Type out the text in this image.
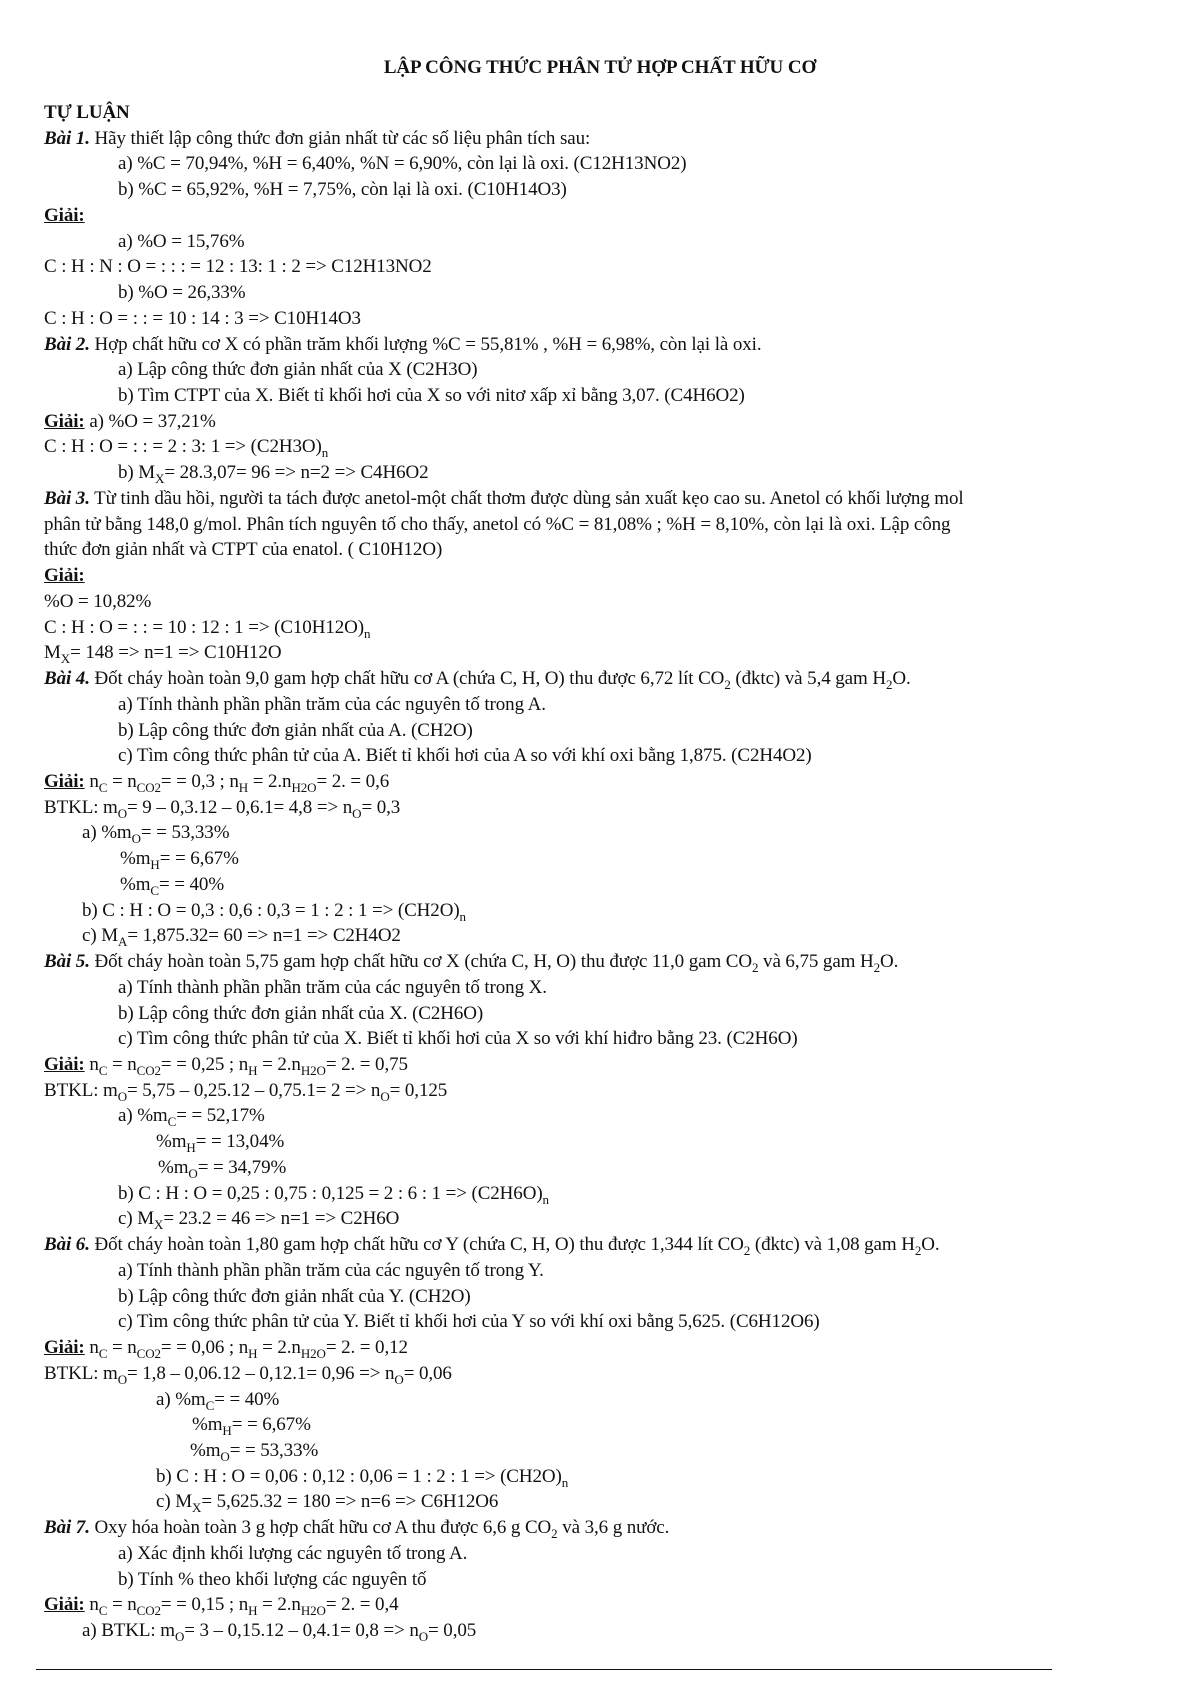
LẬP CÔNG THỨC PHÂN TỬ HỢP CHẤT HỮU CƠ
TỰ LUẬN
Bài 1. Hãy thiết lập công thức đơn giản nhất từ các số liệu phân tích sau:
a) %C = 70,94%, %H = 6,40%, %N = 6,90%, còn lại là oxi. (C12H13NO2)
b) %C = 65,92%, %H = 7,75%, còn lại là oxi. (C10H14O3)
Giải:
a) %O = 15,76%
C : H : N : O = : : : = 12 : 13: 1 : 2 => C12H13NO2
b) %O = 26,33%
C : H : O = : : = 10 : 14 : 3 => C10H14O3
Bài 2. Hợp chất hữu cơ X có phần trăm khối lượng %C = 55,81% , %H = 6,98%, còn lại là oxi.
a) Lập công thức đơn giản nhất của X (C2H3O)
b) Tìm CTPT của X. Biết tỉ khối hơi của X so với nitơ xấp xỉ bằng 3,07. (C4H6O2)
Giải: a) %O = 37,21%
C : H : O = : : = 2 : 3: $1 => (C2H3O)_n$
b) $M_X= 28.3,07= 96 => n=2 => C4H6O2$
Bài 3. Từ tinh dầu hồi, người ta tách được anetol-một chất thơm được dùng sản xuất kẹo cao su. Anetol có khối lượng mol
phân tử bằng 148,0 g/mol. Phân tích nguyên tố cho thấy, anetol có %C = 81,08% ; %H = 8,10%, còn lại là oxi. Lập công
thức đơn giản nhất và CTPT của enatol. ( C10H12O)
Giải:
%O = 10,82%
C : H : O = : : = 10 : 12 : $1 => (C10H12O)_n$
$M_X= 148 => n=1 => C10H12O$
Bài 4. Đốt cháy hoàn toàn 9,0 gam hợp chất hữu cơ A (chứa C, H, O) thu được 6,72 lít $CO_2$ (đktc) và 5,4 gam $H_2O$.
a) Tính thành phần phần trăm của các nguyên tố trong A.
b) Lập công thức đơn giản nhất của A. (CH2O)
c) Tìm công thức phân tử của A. Biết tỉ khối hơi của A so với khí oxi bằng 1,875. (C2H4O2)
Giải: $n_C = n_{CO2}= = 0,3$ ; $n_H = 2.n_{H2O}= 2$. = 0,6
BTKL: $m_O= 9 - 0,3.12 - 0,6.1= 4,8 => n_O= 0,3$
a) $\%m_O= = 53,33\%$
$\%m_H= = 6,67\%$
$\%m_C= = 40\%$
b) C : H : O = 0,3 : 0,6 : 0,3 = 1 : 2 : $1 => (CH2O)_n$
c) $M_A= 1,875.32= 60 => n=1 => C2H4O2$
Bài 5. Đốt cháy hoàn toàn 5,75 gam hợp chất hữu cơ X (chứa C, H, O) thu được 11,0 gam $CO_2$ và 6,75 gam $H_2O$.
a) Tính thành phần phần trăm của các nguyên tố trong X.
b) Lập công thức đơn giản nhất của X. (C2H6O)
c) Tìm công thức phân tử của X. Biết tỉ khối hơi của X so với khí hiđro bằng 23. (C2H6O)
Giải: $n_C = n_{CO2}= = 0,25$ ; $n_H = 2.n_{H2O}= 2$. = 0,75
BTKL: $m_O= 5,75 - 0,25.12 - 0,75.1= 2 => n_O= 0,125$
a) $\%m_C= = 52,17\%$
$\%m_H= = 13,04\%$
$\%m_O= = 34,79\%$
b) C : H : O = 0,25 : 0,75 : 0,125 = 2 : 6 : $1 => (C2H6O)_n$
c) $M_X= 23.2 = 46 => n=1 => C2H6O$
Bài 6. Đốt cháy hoàn toàn 1,80 gam hợp chất hữu cơ Y (chứa C, H, O) thu được 1,344 lít $CO_2$ (đktc) và 1,08 gam $H_2O$.
a) Tính thành phần phần trăm của các nguyên tố trong Y.
b) Lập công thức đơn giản nhất của Y. (CH2O)
c) Tìm công thức phân tử của Y. Biết tỉ khối hơi của Y so với khí oxi bằng 5,625. (C6H12O6)
Giải: $n_C = n_{CO2}= = 0,06$ ; $n_H = 2.n_{H2O}= 2$. = 0,12
BTKL: $m_O= 1,8 - 0,06.12 - 0,12.1= 0,96 => n_O= 0,06$
a) $\%m_C= = 40\%$
$\%m_H= = 6,67\%$
$\%m_O= = 53,33\%$
b) C : H : O = 0,06 : 0,12 : 0,06 = 1 : 2 : $1 => (CH2O)_n$
c) $M_X= 5,625.32 = 180 => n=6 => C6H12O6$
Bài 7. Oxy hóa hoàn toàn 3 g hợp chất hữu cơ A thu được 6,6 g $CO_2$ và 3,6 g nước.
a) Xác định khối lượng các nguyên tố trong A.
b) Tính % theo khối lượng các nguyên tố
Giải: $n_C = n_{CO2}= = 0,15$ ; $n_H = 2.n_{H2O}= 2$. = 0,4
a) BTKL: $m_O= 3 - 0,15.12 - 0,4.1= 0,8 => n_O= 0,05$
